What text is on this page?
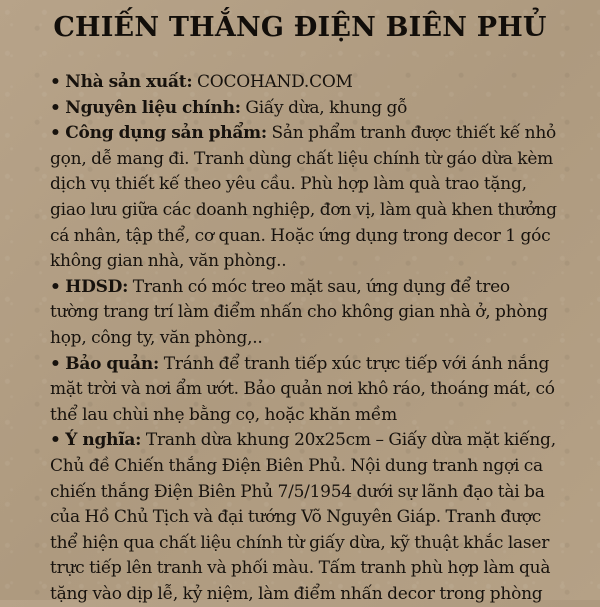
CHIẾN THẮNG ĐIỆN BIÊN PHỦ

• Nhà sản xuất: COCOHAND.COM

• Nguyên liệu chính: Giấy dừa, khung gỗ

• Công dụng sản phẩm: Sản phẩm tranh được thiết kế nhỏ gọn, dễ mang đi. Tranh dùng chất liệu chính từ gáo dừa kèm dịch vụ thiết kế theo yêu cầu. Phù hợp làm quà trao tặng, giao lưu giữa các doanh nghiệp, đơn vị, làm quà khen thưởng cá nhân, tập thể, cơ quan. Hoặc ứng dụng trong decor 1 góc không gian nhà, văn phòng..

• HDSD: Tranh có móc treo mặt sau, ứng dụng để treo tường trang trí làm điểm nhấn cho không gian nhà ở, phòng họp, công ty, văn phòng,..

• Bảo quản: Tránh để tranh tiếp xúc trực tiếp với ánh nắng mặt trời và nơi ẩm ướt. Bảo quản nơi khô ráo, thoáng mát, có thể lau chùi nhẹ bằng cọ, hoặc khăn mềm

• Ý nghĩa: Tranh dừa khung 20x25cm – Giấy dừa mặt kiếng, Chủ đề Chiến thắng Điện Biên Phủ. Nội dung tranh ngợi ca chiến thắng Điện Biên Phủ 7/5/1954 dưới sự lãnh đạo tài ba của Hồ Chủ Tịch và đại tướng Võ Nguyên Giáp. Tranh được thể hiện qua chất liệu chính từ giấy dừa, kỹ thuật khắc laser trực tiếp lên tranh và phối màu. Tấm tranh phù hợp làm quà tặng vào dịp lễ, kỷ niệm, làm điểm nhấn decor trong phòng
